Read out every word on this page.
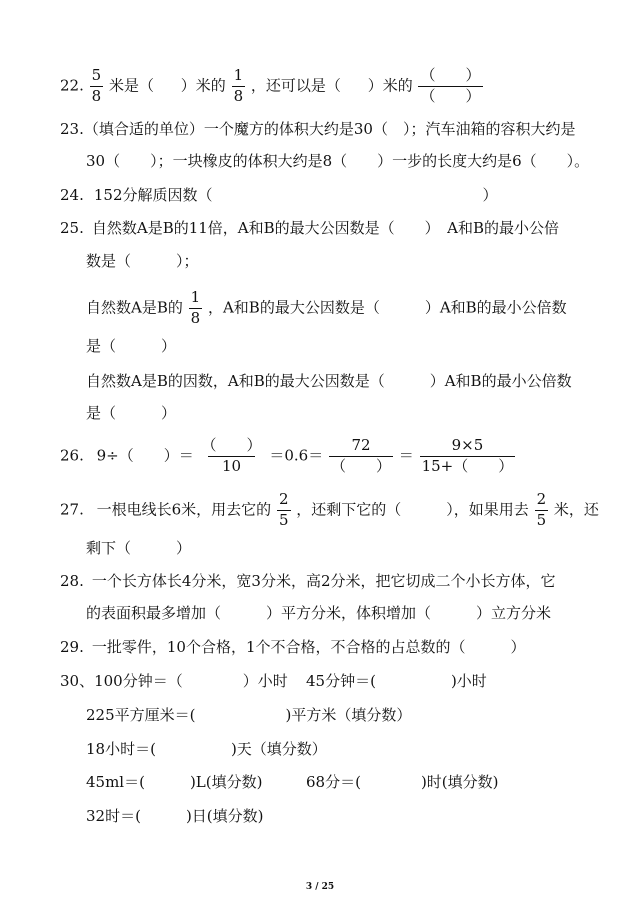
22. $\frac{5}{8}$ 米是（ ）米的 $\frac{1}{8}$ ，还可以是（ ）米的 $\frac{( )}{( )}$
23.（填合适的单位）一个魔方的体积大约是30（　）；汽车油箱的容积大约是
30（　　）；一块橡皮的体积大约是8（　　）一步的长度大约是6（　　）。
24. 152分解质因数（　　　　　　　　　　　　　　　　　　）
25. 自然数A是B的11倍，A和B的最大公因数是（　　）　A和B的最小公倍
数是（　　　）；
自然数A是B的 $\frac{1}{8}$ ，A和B的最大公因数是（　　　）A和B的最小公倍数
是（　　　）
自然数A是B的因数，A和B的最大公因数是（　　　）A和B的最小公倍数
是（　　　）
26. 9÷（　　）＝ $\frac{( )}{10} =0.6= \frac{72}{( )} = \frac{9\times 5}{15+( )}$
27. 一根电线长6米，用去它的 $\frac{2}{5}$ ，还剩下它的（　　　），如果用去 $\frac{2}{5}$ 米，还
剩下（　　　）
28. 一个长方体长4分米，宽3分米，高2分米，把它切成二个小长方体，它
的表面积最多增加（　　　）平方分米，体积增加（　　　）立方分米
29. 一批零件，10个合格，1个不合格，不合格的占总数的（　　　）
30、100分钟＝（　　　　）小时 45分钟＝(　　　　　)小时
225平方厘米＝(　　　　　　)平方米（填分数）
18小时＝(　　　　　)天（填分数）
45ml＝(　　　)L(填分数)	68分＝(　　　　)时(填分数)
32时＝(　　　)日(填分数)
3 / 25
